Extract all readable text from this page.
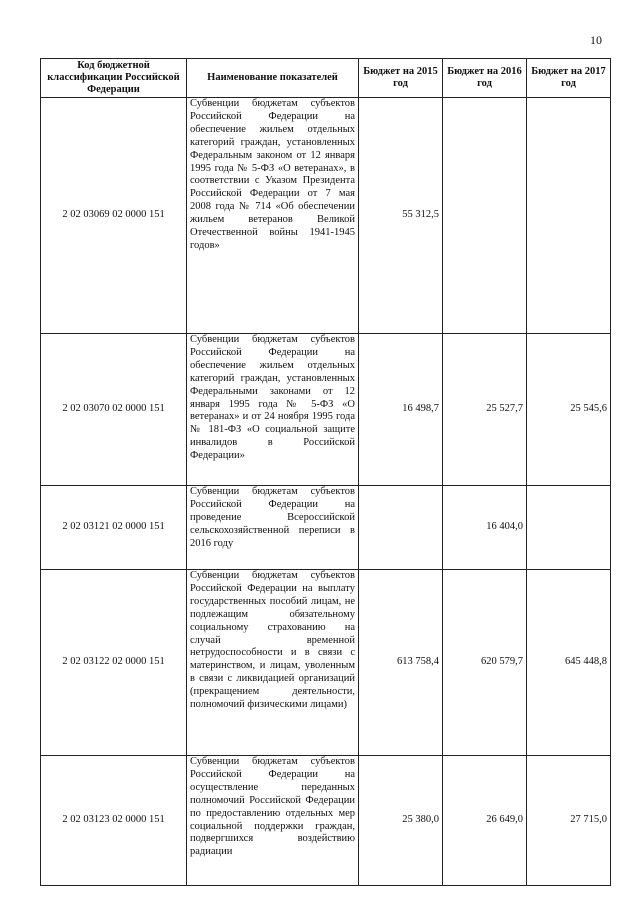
10
Код бюджетной классификации Российской Федерации	Наименование показателей	Бюджет на 2015 год	Бюджет на 2016 год	Бюджет на 2017 год
2 02 03069 02 0000 151	Субвенции бюджетам субъектов Российской Федерации на обеспечение жильем отдельных категорий граждан, установленных Федеральным законом от 12 января 1995 года № 5-ФЗ «О ветеранах», в соответствии с Указом Президента Российской Федерации от 7 мая 2008 года № 714 «Об обеспечении жильем ветеранов Великой Отечественной войны 1941-1945 годов»	55 312,5		
2 02 03070 02 0000 151	Субвенции бюджетам субъектов Российской Федерации на обеспечение жильем отдельных категорий граждан, установленных Федеральными законами от 12 января 1995 года № 5-ФЗ «О ветеранах» и от 24 ноября 1995 года № 181-ФЗ «О социальной защите инвалидов в Российской Федерации»	16 498,7	25 527,7	25 545,6
2 02 03121 02 0000 151	Субвенции бюджетам субъектов Российской Федерации на проведение Всероссийской сельскохозяйственной переписи в 2016 году		16 404,0	
2 02 03122 02 0000 151	Субвенции бюджетам субъектов Российской Федерации на выплату государственных пособий лицам, не подлежащим обязательному социальному страхованию на случай временной нетрудоспособности и в связи с материнством, и лицам, уволенным в связи с ликвидацией организаций (прекращением деятельности, полномочий физическими лицами)	613 758,4	620 579,7	645 448,8
2 02 03123 02 0000 151	Субвенции бюджетам субъектов Российской Федерации на осуществление переданных полномочий Российской Федерации по предоставлению отдельных мер социальной поддержки граждан, подвергшихся воздействию радиации	25 380,0	26 649,0	27 715,0
